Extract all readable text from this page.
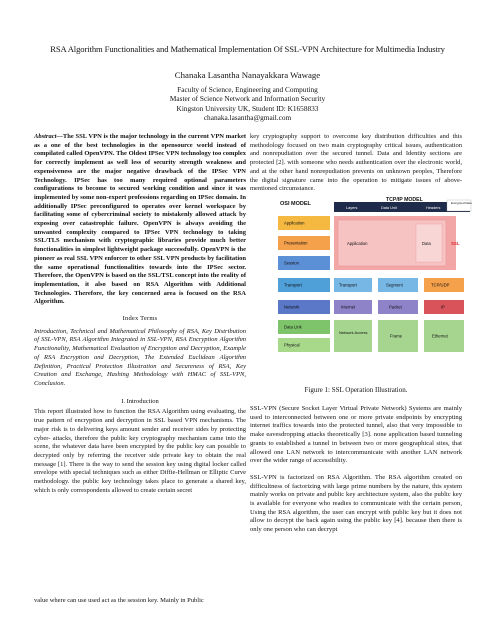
RSA Algorithm Functionalities and Mathematical Implementation Of SSL-VPN Architecture for Multimedia Industry
Chanaka Lasantha Nanayakkara Wawage
Faculty of Science, Engineering and Computing
Master of Science Network and Information Security
Kingston University UK, Student ID: K1658833
chanaka.lasantha@gmail.com

Abstract—The SSL VPN is the major technology in the current VPN market as a one of the best technologies in the opensource world instead of compilated called OpenVPN. The Oldest IPSec VPN technology too complex for correctly implement as well less of security strength weakness and expensiveness are the major negative drawback of the IPSec VPN Technology. IPSec has too many required optional parameters configurations to become to secured working condition and since it was implemented by some non-expert professions regarding on IPSec domain. In additionally IPSec preconfigured to operates over kernel workspace by facilitating some of cybercriminal society to mistakenly allowed attack by exposing over catastrophic failure. OpenVPN is always avoiding the unwanted complexity compared to IPSec VPN technology to taking SSL/TLS mechanism with cryptographic libraries provide much better functionalities in simplest lightweight package successfully. OpenVPN is the pioneer as real SSL VPN enforcer to other SSL VPN products by facilitation the same operational functionalities towards into the IPSec sector. Therefore, the OpenVPN is based on the SSL/TSL concept into the reality of implementation, it also based on RSA Algorithm with Additional Technologies. Therefore, the key concerned area is focused on the RSA Algorithm.

Index Terms

Introduction, Technical and Mathematical Philosophy of RSA, Key Distribution of SSL-VPN, RSA Algorithm Integrated in SSL-VPN, RSA Encryption Algorithm Functionality, Mathematical Evaluation of Encryption and Decryption, Example of RSA Encryption and Decryption, The Extended Euclidean Algorithm Definition, Practical Protection Illustration and Secureness of RSA, Key Creation and Exchange, Hashing Methodology with HMAC of SSL-VPN, Conclusion.

I. Introduction

This report illustrated how to function the RSA Algorithm using evaluating, the true pattern of encryption and decryption in SSL based VPN mechanisms. The major risk is to delivering keys amount sender and receiver sides by protecting cyber- attacks, therefore the public key cryptography mechanism came into the scene, the whatever data have been encrypted by the public key can possible to decrypted only by referring the receiver side private key to obtain the real message [1]. There is the way to send the session key using digital locker called envelope with special techniques such as either Diffie-Hellman or Elliptic Curve methodology. the public key technology takes place to generate a shared key, which is only correspondents allowed to create certain secret

value where can use used act as the session key. Mainly in Public

key cryptography support to overcome key distribution difficulties and this methodology focused on two main cryptography critical issues, authentication and nonrepudiation over the secured tunnel. Data and Identity sections are protected [2]. with someone who needs authentication over the electronic world, and at the other hand nonrepudiation prevents on unknown peoples, Therefore the digital signature came into the operation to mitigate issues of above-mentioned circumstance.

OSI MODEL
TCP/IP MODEL
Layers	Data Unit	Headers
Encrypted Data
Application
Presentation
Session
Transport
Network
Data Link
Physical
Application	Data	SSL
Transport	Segment	TCP/UDP
Internet	Packet	IP
Network Access
Frame	Ethernet
Figure 1: SSL Operation Illustration.

SSL-VPN (Secure Socket Layer Virtual Private Network) Systems are mainly used to interconnected between one or more private endpoints by encrypting internet traffics towards into the protected tunnel, also that very impossible to make eavesdropping attacks theoretically [3]. none application based tunneling grants to established a tunnel in between two or more geographical sites, that allowed one LAN network to intercommunicate with another LAN network over the wider range of accessibility.

SSL-VPN is factorized on RSA Algorithm. The RSA algorithm created on difficultness of factorizing with large prime numbers by the nature, this system mainly works on private and public key architecture system, also the public key is available for everyone who readies to communicate with the certain person, Using the RSA algorithm, the user can encrypt with public key but it does not allow to decrypt the back again using the public key [4]. because then there is only one person who can decrypt
